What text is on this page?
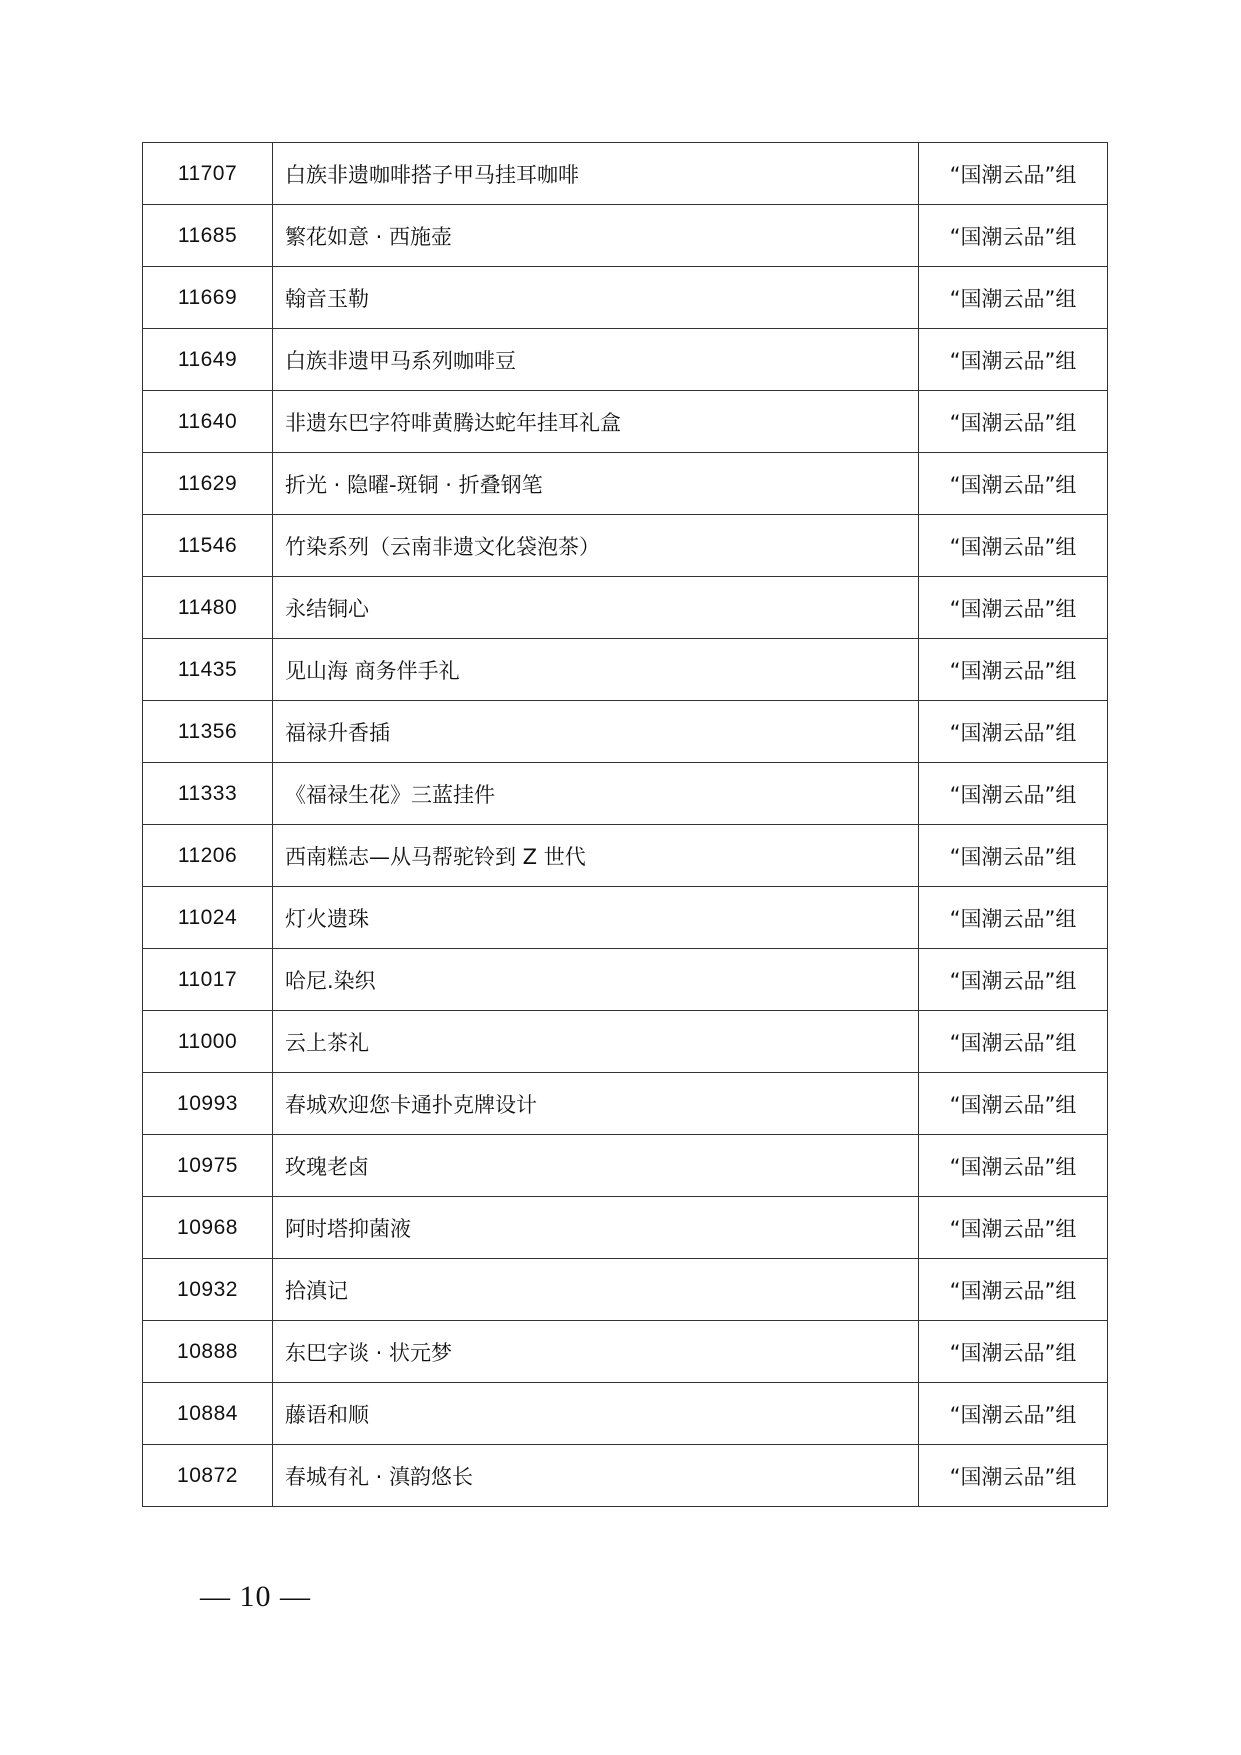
11707	白族非遗咖啡搭子甲马挂耳咖啡	“国潮云品”组
11685	繁花如意 · 西施壶	“国潮云品”组
11669	翰音玉勒	“国潮云品”组
11649	白族非遗甲马系列咖啡豆	“国潮云品”组
11640	非遗东巴字符啡黄腾达蛇年挂耳礼盒	“国潮云品”组
11629	折光 · 隐曜-斑铜 · 折叠钢笔	“国潮云品”组
11546	竹染系列（云南非遗文化袋泡茶）	“国潮云品”组
11480	永结铜心	“国潮云品”组
11435	见山海 商务伴手礼	“国潮云品”组
11356	福禄升香插	“国潮云品”组
11333	《福禄生花》三蓝挂件	“国潮云品”组
11206	西南糕志—从马帮驼铃到 Z 世代	“国潮云品”组
11024	灯火遗珠	“国潮云品”组
11017	哈尼.染织	“国潮云品”组
11000	云上茶礼	“国潮云品”组
10993	春城欢迎您卡通扑克牌设计	“国潮云品”组
10975	玫瑰老卤	“国潮云品”组
10968	阿时塔抑菌液	“国潮云品”组
10932	拾滇记	“国潮云品”组
10888	东巴字谈 · 状元梦	“国潮云品”组
10884	藤语和顺	“国潮云品”组
10872	春城有礼 · 滇韵悠长	“国潮云品”组
— 10 —
